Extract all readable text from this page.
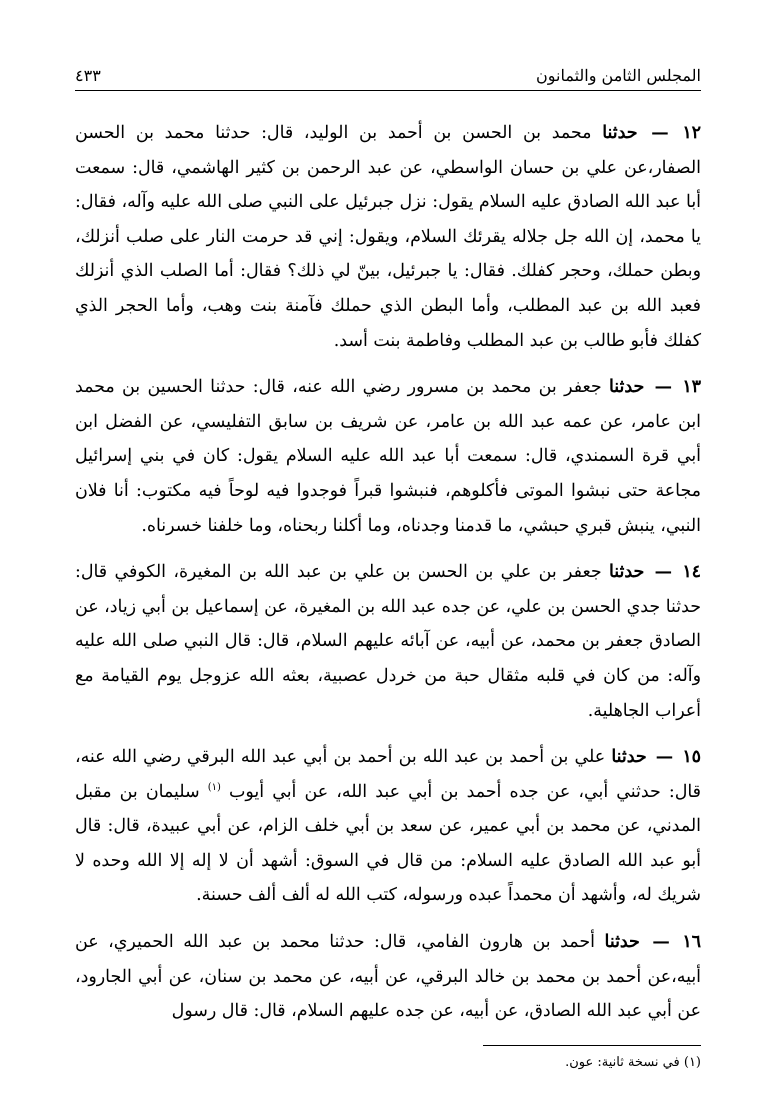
المجلس الثامن والثمانون
٤٣٣

١٢ — حدثنا محمد بن الحسن بن أحمد بن الوليد، قال: حدثنا محمد بن الحسن الصفار،عن علي بن حسان الواسطي، عن عبد الرحمن بن كثير الهاشمي، قال: سمعت أبا عبد الله الصادق عليه السلام يقول: نزل جبرئيل على النبي صلى الله عليه وآله، فقال: يا محمد، إن الله جل جلاله يقرئك السلام، ويقول: إني قد حرمت النار على صلب أنزلك، وبطن حملك، وحجر كفلك. فقال: يا جبرئيل، بينّ لي ذلك؟ فقال: أما الصلب الذي أنزلك فعبد الله بن عبد المطلب، وأما البطن الذي حملك فآمنة بنت وهب، وأما الحجر الذي كفلك فأبو طالب بن عبد المطلب وفاطمة بنت أسد.

١٣ — حدثنا جعفر بن محمد بن مسرور رضي الله عنه، قال: حدثنا الحسين بن محمد ابن عامر، عن عمه عبد الله بن عامر، عن شريف بن سابق التفليسي، عن الفضل ابن أبي قرة السمندي، قال: سمعت أبا عبد الله عليه السلام يقول: كان في بني إسرائيل مجاعة حتى نبشوا الموتى فأكلوهم، فنبشوا قبراً فوجدوا فيه لوحاً فيه مكتوب: أنا فلان النبي، ينبش قبري حبشي، ما قدمنا وجدناه، وما أكلنا ربحناه، وما خلفنا خسرناه.

١٤ — حدثنا جعفر بن علي بن الحسن بن علي بن عبد الله بن المغيرة، الكوفي قال: حدثنا جدي الحسن بن علي، عن جده عبد الله بن المغيرة، عن إسماعيل بن أبي زياد، عن الصادق جعفر بن محمد، عن أبيه، عن آبائه عليهم السلام، قال: قال النبي صلى الله عليه وآله: من كان في قلبه مثقال حبة من خردل عصبية، بعثه الله عزوجل يوم القيامة مع أعراب الجاهلية.

١٥ — حدثنا علي بن أحمد بن عبد الله بن أحمد بن أبي عبد الله البرقي رضي الله عنه، قال: حدثني أبي، عن جده أحمد بن أبي عبد الله، عن أبي أيوب $^{(١)}$ سليمان بن مقبل المدني، عن محمد بن أبي عمير، عن سعد بن أبي خلف الزام، عن أبي عبيدة، قال: قال أبو عبد الله الصادق عليه السلام: من قال في السوق: أشهد أن لا إله إلا الله وحده لا شريك له، وأشهد أن محمداً عبده ورسوله، كتب الله له ألف ألف حسنة.

١٦ — حدثنا أحمد بن هارون الفامي، قال: حدثنا محمد بن عبد الله الحميري، عن أبيه،عن أحمد بن محمد بن خالد البرقي، عن أبيه، عن محمد بن سنان، عن أبي الجارود، عن أبي عبد الله الصادق، عن أبيه، عن جده عليهم السلام، قال: قال رسول

(١) في نسخة ثانية: عون.
